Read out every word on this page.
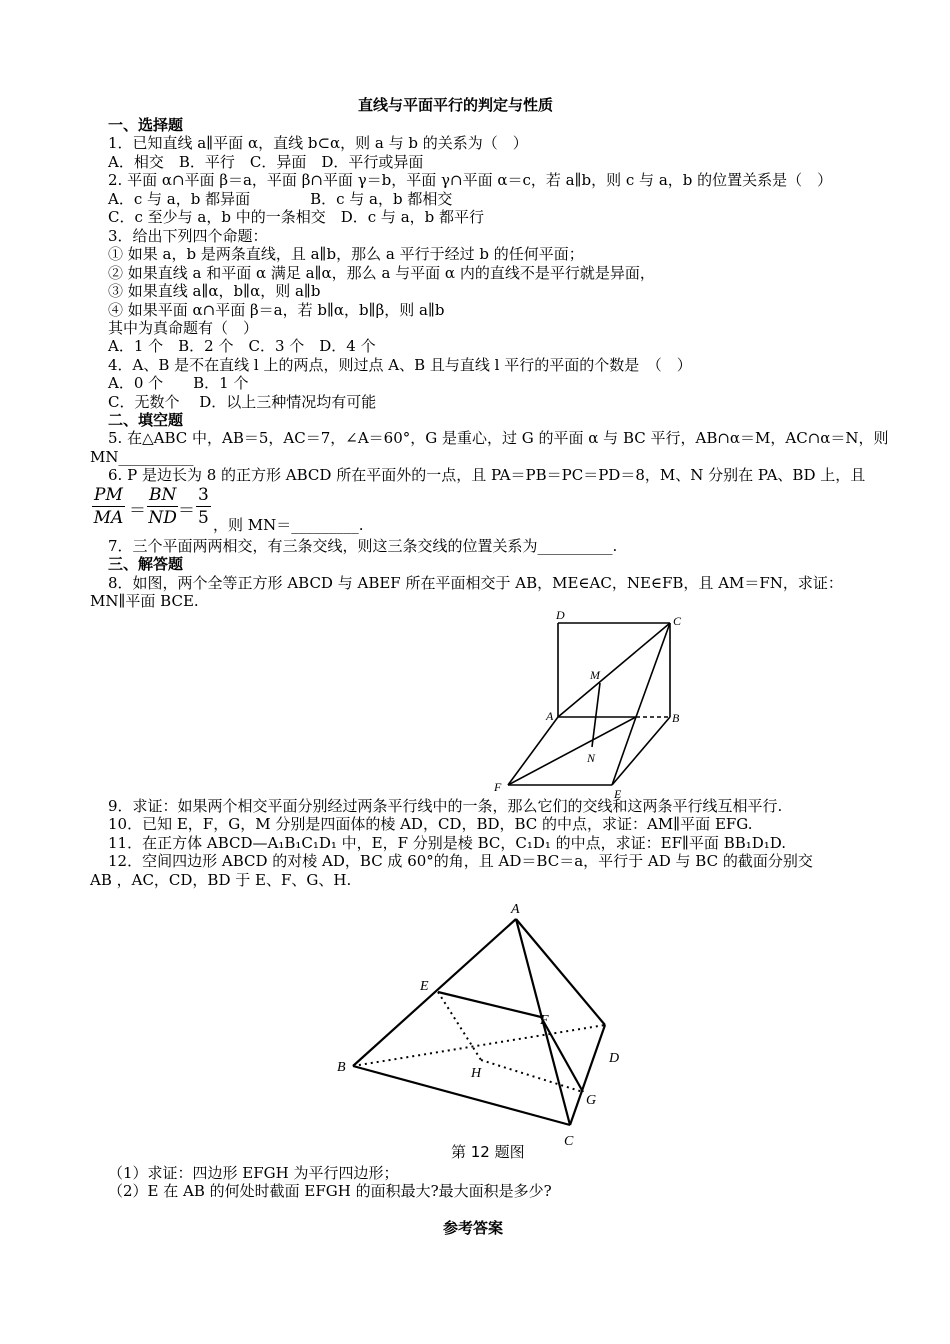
直线与平面平行的判定与性质
一、选择题
1．已知直线 a∥平面 α，直线 b⊂α，则 a 与 b 的关系为（　）
A．相交　B．平行　C．异面　D．平行或异面
2. 平面 α∩平面 β＝a，平面 β∩平面 γ＝b，平面 γ∩平面 α＝c，若 a∥b，则 c 与 a，b 的位置关系是（　）
A．c 与 a，b 都异面　　　　B．c 与 a，b 都相交
C．c 至少与 a，b 中的一条相交　D．c 与 a，b 都平行
3．给出下列四个命题：
① 如果 a，b 是两条直线，且 a∥b，那么 a 平行于经过 b 的任何平面；
② 如果直线 a 和平面 α 满足 a∥α，那么 a 与平面 α 内的直线不是平行就是异面，
③ 如果直线 a∥α，b∥α，则 a∥b
④ 如果平面 α∩平面 β＝a，若 b∥α，b∥β，则 a∥b
其中为真命题有（　）
A．1 个　B．2 个　C．3 个　D．4 个
4．A、B 是不在直线 l 上的两点，则过点 A、B 且与直线 l 平行的平面的个数是　（　）
A．0 个　　B．1 个
C．无数个　 D．以上三种情况均有可能
二、填空题
5. 在△ABC 中，AB＝5，AC＝7，∠A＝60°，G 是重心，过 G 的平面 α 与 BC 平行，AB∩α＝M，AC∩α＝N，则
MN__________
6. P 是边长为 8 的正方形 ABCD 所在平面外的一点，且 PA＝PB＝PC＝PD＝8，M、N 分别在 PA、BD 上，且
$\frac{PM}{MA} = \frac{BN}{ND} = \frac{3}{5}$ ，则 MN＝_________.
7．三个平面两两相交，有三条交线，则这三条交线的位置关系为__________.
三、解答题
8．如图，两个全等正方形 ABCD 与 ABEF 所在平面相交于 AB，ME∈AC，NE∈FB，且 AM＝FN，求证：
MN∥平面 BCE.
D	C
M
A	B
N
F	E
9．求证：如果两个相交平面分别经过两条平行线中的一条，那么它们的交线和这两条平行线互相平行.
10．已知 E，F，G，M 分别是四面体的棱 AD，CD，BD，BC 的中点，求证：AM∥平面 EFG.
11．在正方体 ABCD—A₁B₁C₁D₁ 中，E，F 分别是棱 BC，C₁D₁ 的中点，求证：EF∥平面 BB₁D₁D.
12．空间四边形 ABCD 的对棱 AD，BC 成 60°的角，且 AD＝BC＝a，平行于 AD 与 BC 的截面分别交
AB ，AC，CD，BD 于 E、F、G、H.
A
E
F
B	H
D
G
C
第 12 题图
（1）求证：四边形 EFGH 为平行四边形；
（2）E 在 AB 的何处时截面 EFGH 的面积最大?最大面积是多少?
参考答案
